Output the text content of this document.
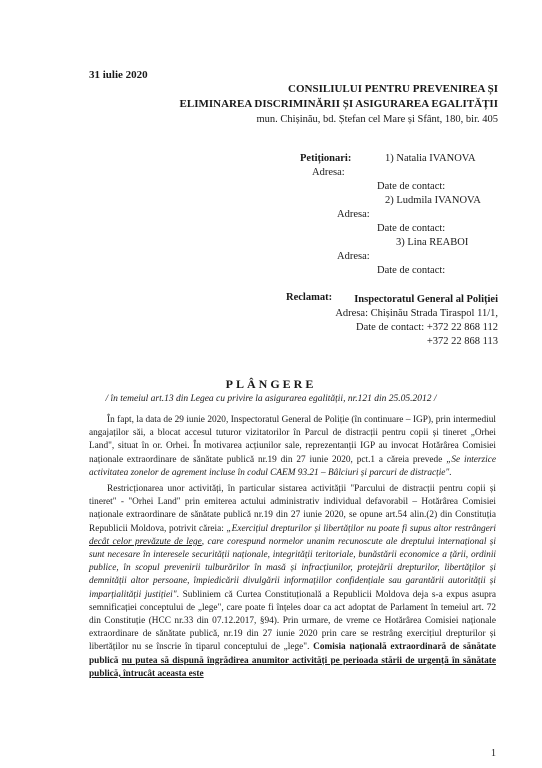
31 iulie 2020
CONSILIULUI PENTRU PREVENIREA ȘI
ELIMINAREA DISCRIMINĂRII ȘI ASIGURAREA EGALITĂȚII
mun. Chișinău, bd. Ștefan cel Mare și Sfânt, 180, bir. 405
Petiționari:	1) Natalia IVANOVA
Adresa:
Date de contact:
2) Ludmila IVANOVA
Adresa:
Date de contact:
3) Lina REABOI
Adresa:
Date de contact:
Reclamat: Inspectoratul General al Poliției
Adresa: Chișinău Strada Tiraspol 11/1,
Date de contact: +372 22 868 112
+372 22 868 113
PLÂNGERE
/ în temeiul art.13 din Legea cu privire la asigurarea egalității, nr.121 din 25.05.2012 /

În fapt, la data de 29 iunie 2020, Inspectoratul General de Poliție (în continuare – IGP), prin intermediul angajaților săi, a blocat accesul tuturor vizitatorilor în Parcul de distracții pentru copii și tineret „Orhei Land", situat în or. Orhei. În motivarea acțiunilor sale, reprezentanții IGP au invocat Hotărârea Comisiei naționale extraordinare de sănătate publică nr.19 din 27 iunie 2020, pct.1 a căreia prevede „Se interzice activitatea zonelor de agrement incluse în codul CAEM 93.21 – Bâlciuri și parcuri de distracție".

Restricționarea unor activități, în particular sistarea activității "Parcului de distracții pentru copii și tineret" - "Orhei Land" prin emiterea actului administrativ individual defavorabil – Hotărârea Comisiei naționale extraordinare de sănătate publică nr.19 din 27 iunie 2020, se opune art.54 alin.(2) din Constituția Republicii Moldova, potrivit căreia: „Exercițiul drepturilor și libertăților nu poate fi supus altor restrângeri decât celor prevăzute de lege, care corespund normelor unanim recunoscute ale dreptului internațional și sunt necesare în interesele securității naționale, integrității teritoriale, bunăstării economice a țării, ordinii publice, în scopul prevenirii tulburărilor în masă și infracțiunilor, protejării drepturilor, libertăților și demnității altor persoane, împiedicării divulgării informațiilor confidențiale sau garantării autorității și imparțialității justiției". Subliniem că Curtea Constituțională a Republicii Moldova deja s-a expus asupra semnificației conceptului de „lege", care poate fi înțeles doar ca act adoptat de Parlament în temeiul art. 72 din Constituție (HCC nr.33 din 07.12.2017, §94). Prin urmare, de vreme ce Hotărârea Comisiei naționale extraordinare de sănătate publică, nr.19 din 27 iunie 2020 prin care se restrâng exercițiul drepturilor și libertăților nu se înscrie în tiparul conceptului de „lege". Comisia națională extraordinară de sănătate publică nu putea să dispună îngrădirea anumitor activități pe perioada stării de urgență în sănătate publică, întrucât aceasta este

1
